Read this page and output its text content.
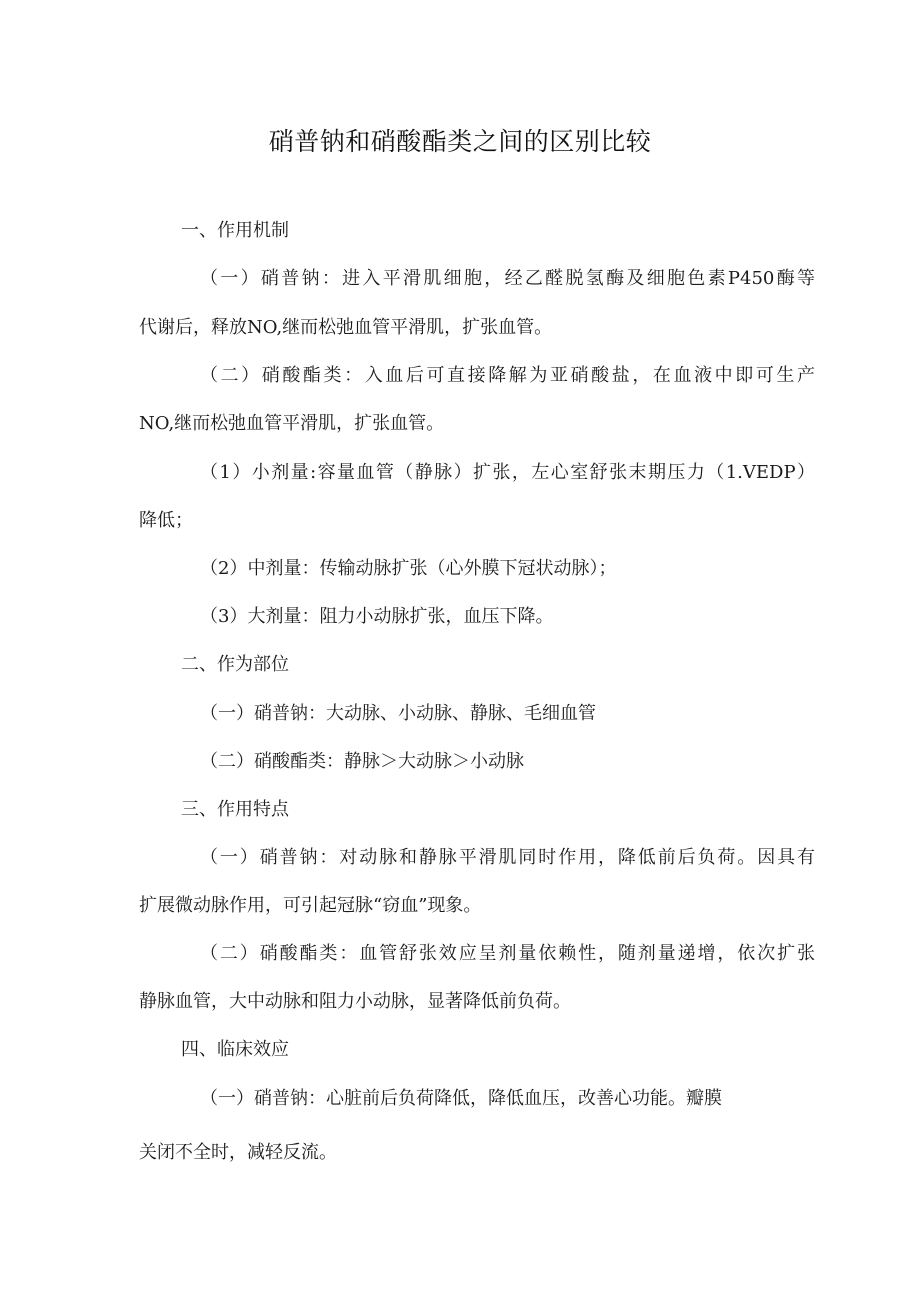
硝普钠和硝酸酯类之间的区别比较

一、作用机制

（一）硝普钠：进入平滑肌细胞，经乙醛脱氢酶及细胞色素P450酶等

代谢后，释放NO,继而松弛血管平滑肌，扩张血管。

（二）硝酸酯类：入血后可直接降解为亚硝酸盐，在血液中即可生产

NO,继而松弛血管平滑肌，扩张血管。

（1）小剂量:容量血管（静脉）扩张，左心室舒张末期压力（1.VEDP）

降低；

（2）中剂量：传输动脉扩张（心外膜下冠状动脉）；

（3）大剂量：阻力小动脉扩张，血压下降。

二、作为部位

（一）硝普钠：大动脉、小动脉、静脉、毛细血管

（二）硝酸酯类：静脉＞大动脉＞小动脉

三、作用特点

（一）硝普钠：对动脉和静脉平滑肌同时作用，降低前后负荷。因具有

扩展微动脉作用，可引起冠脉“窃血”现象。

（二）硝酸酯类：血管舒张效应呈剂量依赖性，随剂量递增，依次扩张

静脉血管，大中动脉和阻力小动脉，显著降低前负荷。

四、临床效应

（一）硝普钠：心脏前后负荷降低，降低血压，改善心功能。瓣膜

关闭不全时，减轻反流。
